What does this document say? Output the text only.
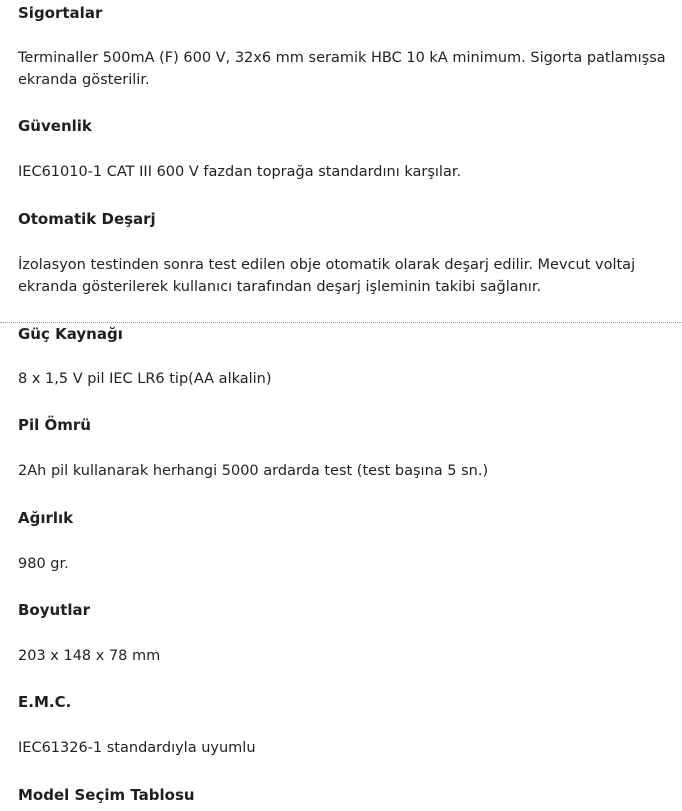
Sigortalar
Terminaller 500mA (F) 600 V, 32x6 mm seramik HBC 10 kA minimum. Sigorta patlamışsa ekranda gösterilir.
Güvenlik
IEC61010-1 CAT III 600 V fazdan toprağa standardını karşılar.
Otomatik Deşarj
İzolasyon testinden sonra test edilen obje otomatik olarak deşarj edilir. Mevcut voltaj ekranda gösterilerek kullanıcı tarafından deşarj işleminin takibi sağlanır.
Güç Kaynağı
8 x 1,5 V pil IEC LR6 tip(AA alkalin)
Pil Ömrü
2Ah pil kullanarak herhangi 5000 ardarda test (test başına 5 sn.)
Ağırlık
980 gr.
Boyutlar
203 x 148 x 78 mm
E.M.C.
IEC61326-1 standardıyla uyumlu
Model Seçim Tablosu
